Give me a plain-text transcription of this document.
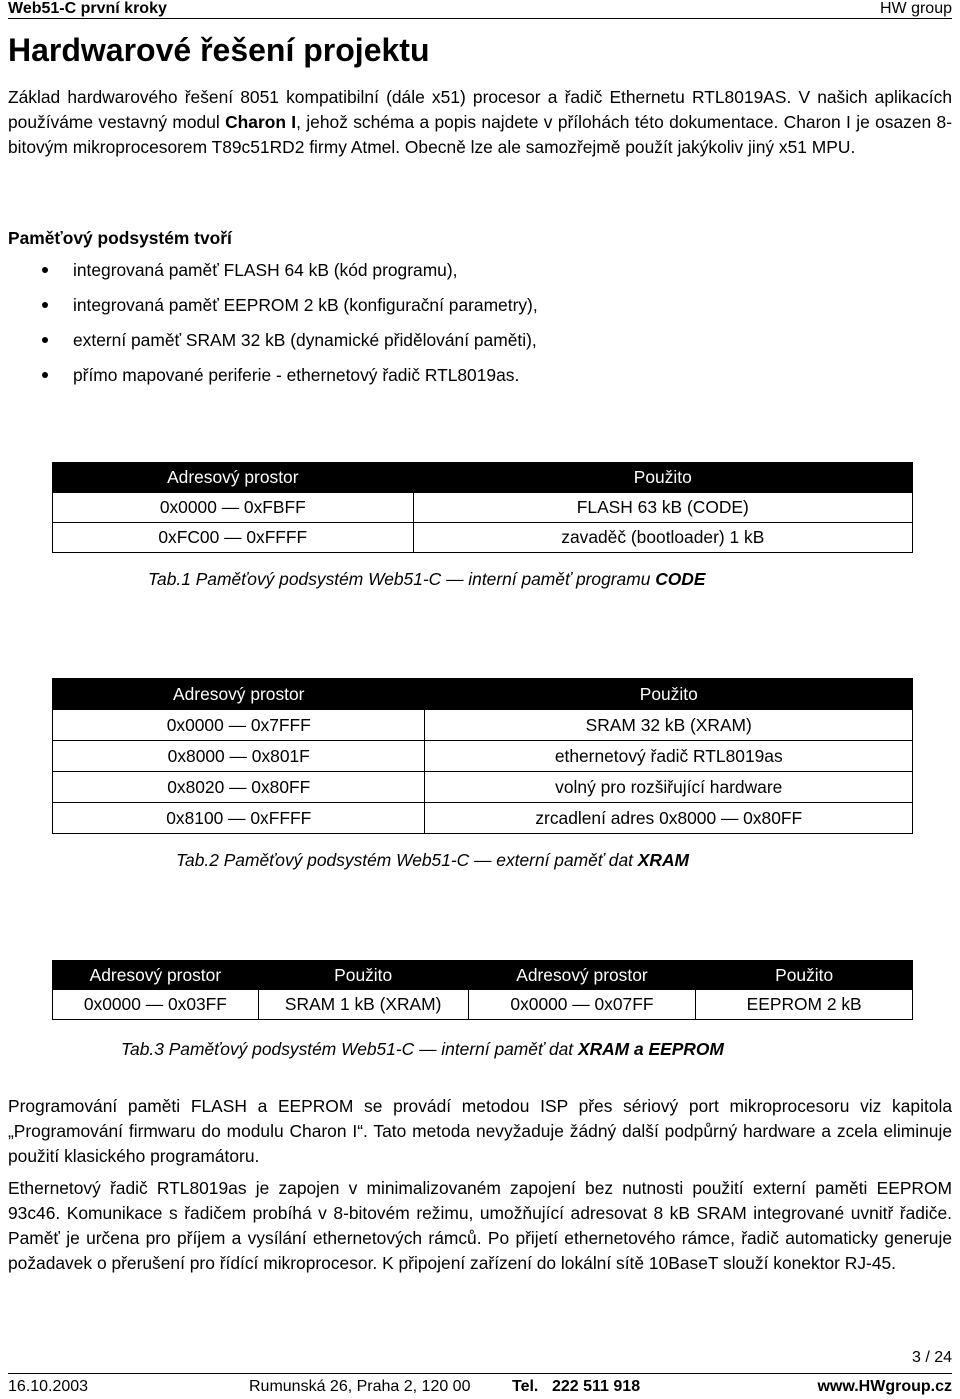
Web51-C první kroky	HW group
Hardwarové řešení projektu

Základ hardwarového řešení 8051 kompatibilní (dále x51) procesor a řadič Ethernetu RTL8019AS. V našich aplikacích používáme vestavný modul Charon I, jehož schéma a popis najdete v přílohách této dokumentace. Charon I je osazen 8-bitovým mikroprocesorem T89c51RD2 firmy Atmel. Obecně lze ale samozřejmě použít jakýkoliv jiný x51 MPU.

Paměťový podsystém tvoří
integrovaná paměť FLASH 64 kB (kód programu),
integrovaná paměť EEPROM 2 kB (konfigurační parametry),
externí paměť SRAM 32 kB (dynamické přidělování paměti),
přímo mapované periferie - ethernetový řadič RTL8019as.
Adresový prostor	Použito
0x0000 — 0xFBFF	FLASH 63 kB (CODE)
0xFC00 — 0xFFFF	zavaděč (bootloader) 1 kB
Tab.1 Paměťový podsystém Web51-C — interní paměť programu CODE
Adresový prostor	Použito
0x0000 — 0x7FFF	SRAM 32 kB (XRAM)
0x8000 — 0x801F	ethernetový řadič RTL8019as
0x8020 — 0x80FF	volný pro rozšiřující hardware
0x8100 — 0xFFFF	zrcadlení adres 0x8000 — 0x80FF
Tab.2 Paměťový podsystém Web51-C — externí paměť dat XRAM
Adresový prostor	Použito	Adresový prostor	Použito
0x0000 — 0x03FF	SRAM 1 kB (XRAM)	0x0000 — 0x07FF	EEPROM 2 kB
Tab.3 Paměťový podsystém Web51-C — interní paměť dat XRAM a EEPROM

Programování paměti FLASH a EEPROM se provádí metodou ISP přes sériový port mikroprocesoru viz kapitola „Programování firmwaru do modulu Charon I“. Tato metoda nevyžaduje žádný další podpůrný hardware a zcela eliminuje použití klasického programátoru.

Ethernetový řadič RTL8019as je zapojen v minimalizovaném zapojení bez nutnosti použití externí paměti EEPROM 93c46. Komunikace s řadičem probíhá v 8-bitovém režimu, umožňující adresovat 8 kB SRAM integrované uvnitř řadiče. Paměť je určena pro příjem a vysílání ethernetových rámců. Po přijetí ethernetového rámce, řadič automaticky generuje požadavek o přerušení pro řídící mikroprocesor. K připojení zařízení do lokální sítě 10BaseT slouží konektor RJ-45.

3 / 24
16.10.2003	Rumunská 26, Praha 2, 120 00	Tel. 222 511 918	www.HWgroup.cz
